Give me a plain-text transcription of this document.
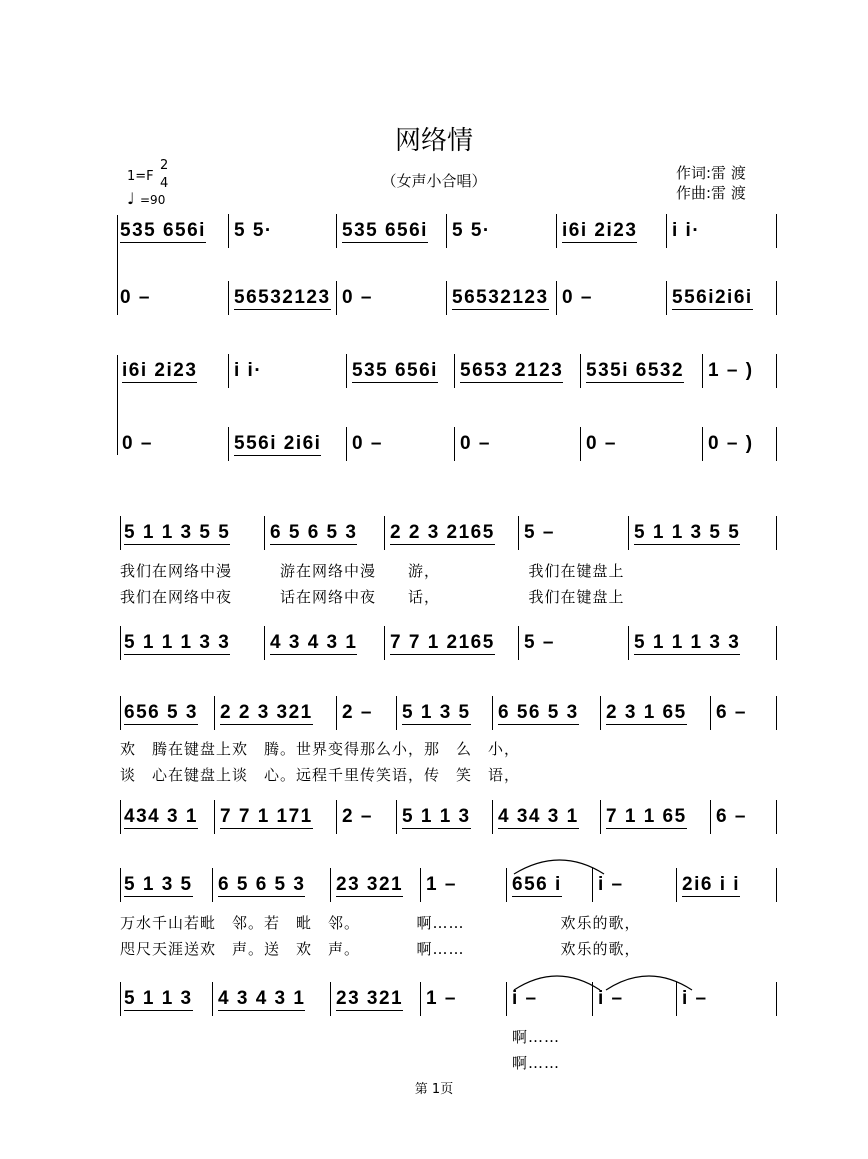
网络情
（女声小合唱）
1=F
2
4
♩ =90
作词:雷 渡
作曲:雷 渡
535 656i 5 5·	535 656i 5 5·	i6i 2i23 i i·
0 –	56532123 0 –	56532123 0 –	556i2i6i
i6i 2i23 i i·	535 656i 5653 2123 535i 6532 1 – )
0 –	556i 2i6i 0 –	0 –	0 –	0 – )
5 1 1 3 5 5 6 5 6 5 3 2 2 3 2165 5 –	5 1 1 3 5 5
我们在网络中漫　　　游在网络中漫　　游，　　　　　　我们在键盘上
我们在网络中夜　　　话在网络中夜　　话，　　　　　　我们在键盘上
5 1 1 1 3 3 4 3 4 3 1 7 7 1 2165 5 –	5 1 1 1 3 3
656 5 3 2 2 3 321 2 – 5 1 3 5 6 56 5 3 2 3 1 65 6 –
欢　腾在键盘上欢　腾。世界变得那么小，那　么　小，
谈　心在键盘上谈　心。远程千里传笑语，传　笑　语，
434 3 1 7 7 1 171 2 – 5 1 1 3 4 34 3 1 7 1 1 65 6 –
5 1 3 5 6 5 6 5 3 23 321 1 –	656 i i –	2i6 i i
万水千山若毗　邻。若　毗　邻。　　　　啊……　　　　　　欢乐的歌，
咫尺天涯送欢　声。送　欢　声。　　　　啊……　　　　　　欢乐的歌，
5 1 1 3 4 3 4 3 1 23 321 1 –	i –	i –	i –
啊……
啊……
第 1页
